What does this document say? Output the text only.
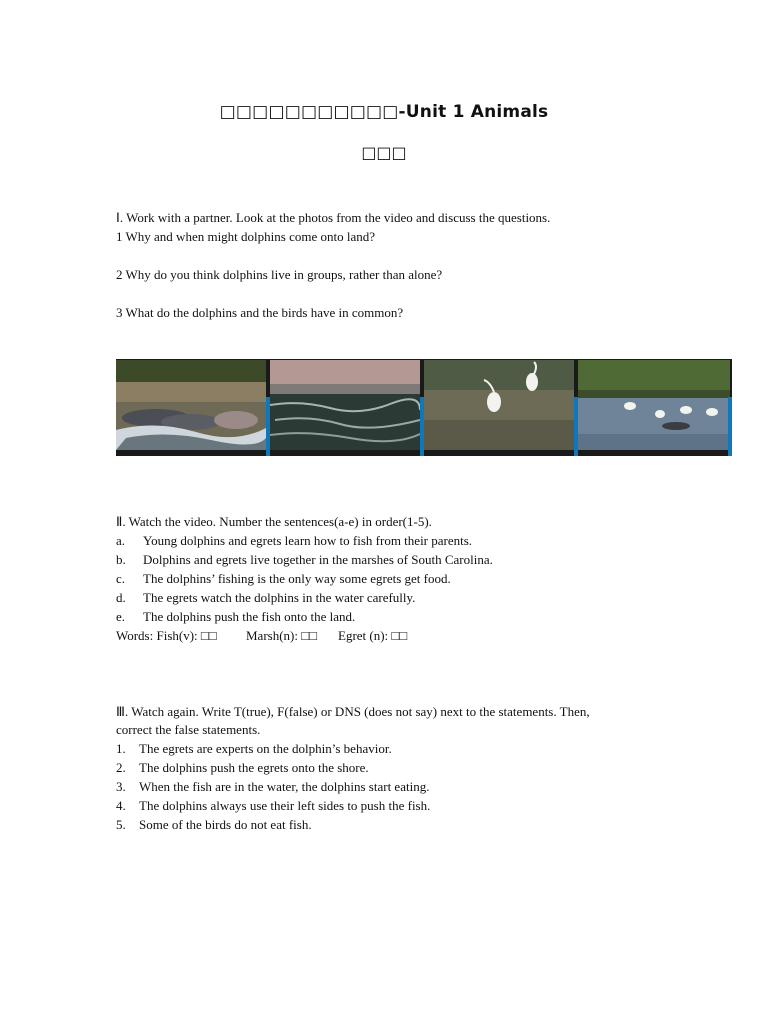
□□□□□□□□□□□-Unit 1 Animals
□□□
Ⅰ. Work with a partner. Look at the photos from the video and discuss the questions.
1 Why and when might dolphins come onto land?
2 Why do you think dolphins live in groups, rather than alone?
3 What do the dolphins and the birds have in common?
Ⅱ. Watch the video. Number the sentences(a-e) in order(1-5).
a. Young dolphins and egrets learn how to fish from their parents.
b. Dolphins and egrets live together in the marshes of South Carolina.
c. The dolphins’ fishing is the only way some egrets get food.
d. The egrets watch the dolphins in the water carefully.
e. The dolphins push the fish onto the land.
Words: Fish(v): □□ Marsh(n): □□ Egret (n): □□
Ⅲ. Watch again. Write T(true), F(false) or DNS (does not say) next to the statements. Then,
correct the false statements.
1. The egrets are experts on the dolphin’s behavior.
2. The dolphins push the egrets onto the shore.
3. When the fish are in the water, the dolphins start eating.
4. The dolphins always use their left sides to push the fish.
5. Some of the birds do not eat fish.
